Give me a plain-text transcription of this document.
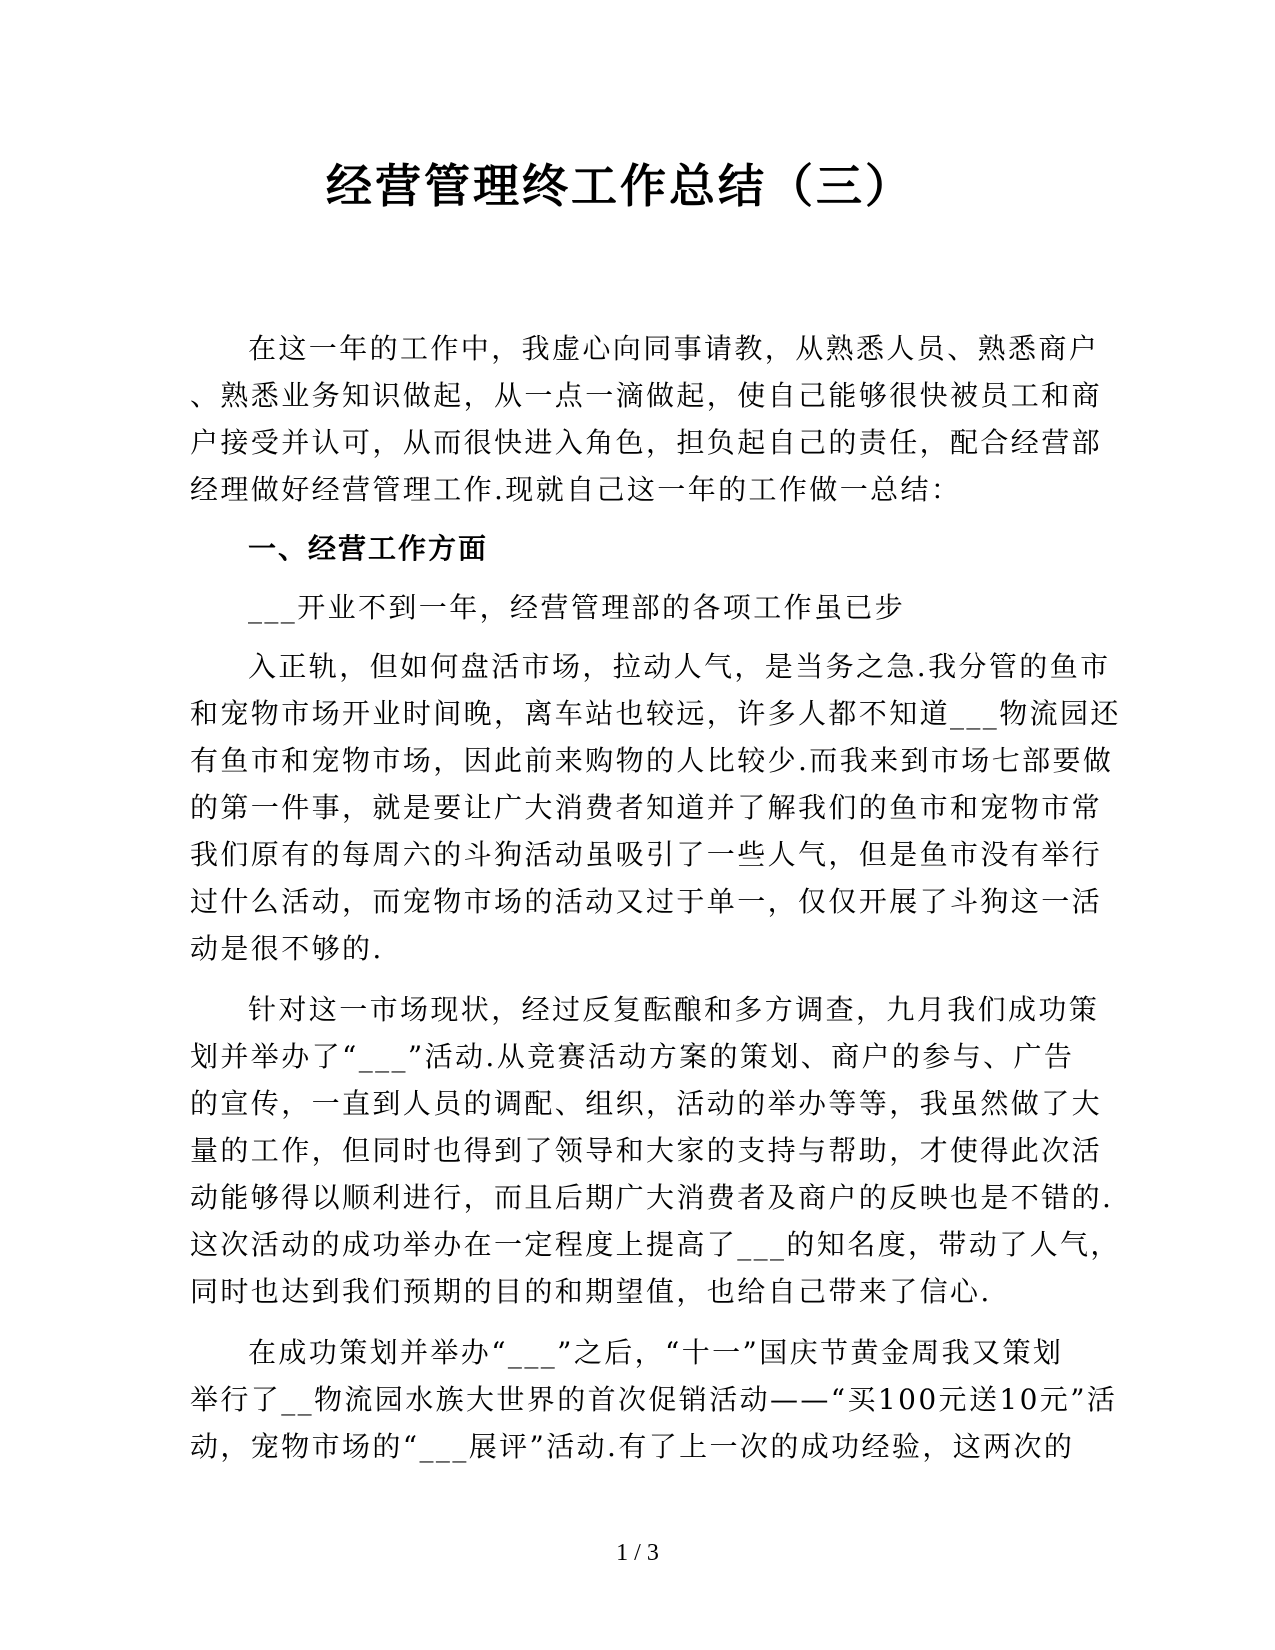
经营管理终工作总结（三）
在这一年的工作中，我虚心向同事请教，从熟悉人员、熟悉商户
、熟悉业务知识做起，从一点一滴做起，使自己能够很快被员工和商
户接受并认可，从而很快进入角色，担负起自己的责任，配合经营部
经理做好经营管理工作.现就自己这一年的工作做一总结：
一、经营工作方面
___开业不到一年，经营管理部的各项工作虽已步
入正轨，但如何盘活市场，拉动人气，是当务之急.我分管的鱼市
和宠物市场开业时间晚，离车站也较远，许多人都不知道___物流园还
有鱼市和宠物市场，因此前来购物的人比较少.而我来到市场七部要做
的第一件事，就是要让广大消费者知道并了解我们的鱼市和宠物市常
我们原有的每周六的斗狗活动虽吸引了一些人气，但是鱼市没有举行
过什么活动，而宠物市场的活动又过于单一，仅仅开展了斗狗这一活
动是很不够的.
针对这一市场现状，经过反复酝酿和多方调查，九月我们成功策
划并举办了“___”活动.从竞赛活动方案的策划、商户的参与、广告
的宣传，一直到人员的调配、组织，活动的举办等等，我虽然做了大
量的工作，但同时也得到了领导和大家的支持与帮助，才使得此次活
动能够得以顺利进行，而且后期广大消费者及商户的反映也是不错的.
这次活动的成功举办在一定程度上提高了___的知名度，带动了人气，
同时也达到我们预期的目的和期望值，也给自己带来了信心.
在成功策划并举办“___”之后，“十一”国庆节黄金周我又策划
举行了__物流园水族大世界的首次促销活动——“买100元送10元”活
动，宠物市场的“___展评”活动.有了上一次的成功经验，这两次的
1 / 3
